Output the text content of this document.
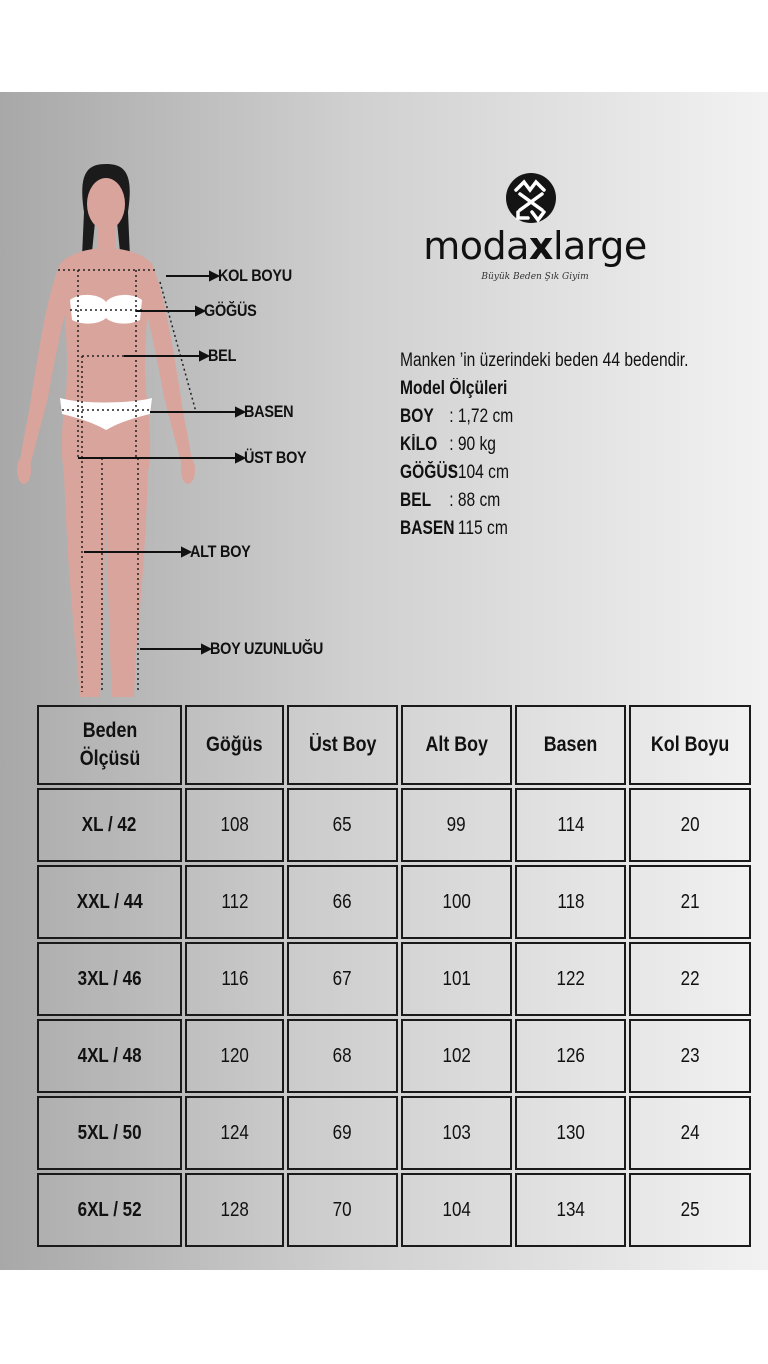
KOL BOYU
GÖĞÜS
BEL
BASEN
ÜST BOY
ALT BOY
BOY UZUNLUĞU
modaxlarge
Büyük Beden Şık Giyim
Manken ’in üzerindeki beden 44 bedendir.
Model Ölçüleri
BOY : 1,72 cm
KİLO : 90 kg
GÖĞÜS: 104 cm
BEL : 88 cm
BASEN: 115 cm
Beden Ölçüsü	Göğüs	Üst Boy	Alt Boy	Basen	Kol Boyu
XL / 42	108	65	99	114	20
XXL / 44	112	66	100	118	21
3XL / 46	116	67	101	122	22
4XL / 48	120	68	102	126	23
5XL / 50	124	69	103	130	24
6XL / 52	128	70	104	134	25
